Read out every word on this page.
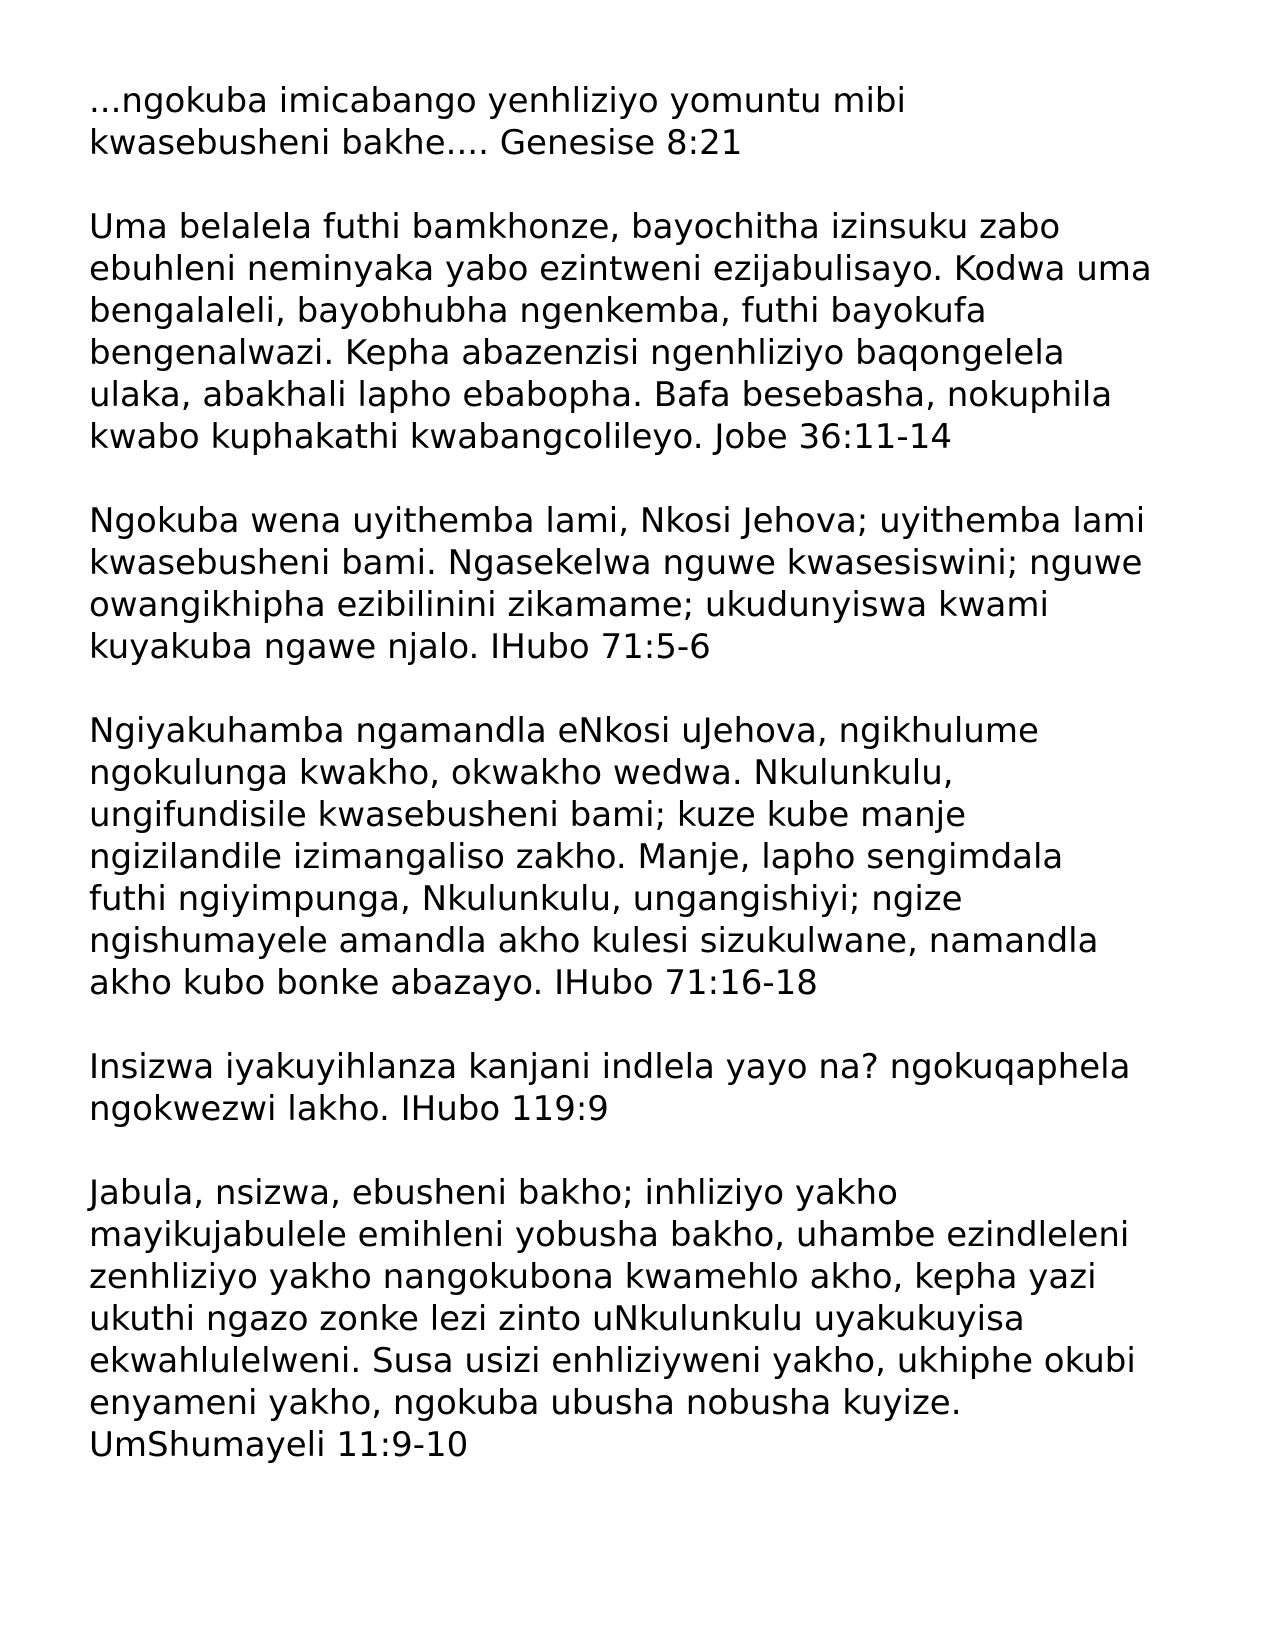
...ngokuba imicabango yenhliziyo yomuntu mibi
kwasebusheni bakhe.... Genesise 8:21
Uma belalela futhi bamkhonze, bayochitha izinsuku zabo
ebuhleni neminyaka yabo ezintweni ezijabulisayo. Kodwa uma
bengalaleli, bayobhubha ngenkemba, futhi bayokufa
bengenalwazi. Kepha abazenzisi ngenhliziyo baqongelela
ulaka, abakhali lapho ebabopha. Bafa besebasha, nokuphila
kwabo kuphakathi kwabangcolileyo. Jobe 36:11-14
Ngokuba wena uyithemba lami, Nkosi Jehova; uyithemba lami
kwasebusheni bami. Ngasekelwa nguwe kwasesiswini; nguwe
owangikhipha ezibilinini zikamame; ukudunyiswa kwami
kuyakuba ngawe njalo. IHubo 71:5-6
Ngiyakuhamba ngamandla eNkosi uJehova, ngikhulume
ngokulunga kwakho, okwakho wedwa. Nkulunkulu,
ungifundisile kwasebusheni bami; kuze kube manje
ngizilandile izimangaliso zakho. Manje, lapho sengimdala
futhi ngiyimpunga, Nkulunkulu, ungangishiyi; ngize
ngishumayele amandla akho kulesi sizukulwane, namandla
akho kubo bonke abazayo. IHubo 71:16-18
Insizwa iyakuyihlanza kanjani indlela yayo na? ngokuqaphela
ngokwezwi lakho. IHubo 119:9
Jabula, nsizwa, ebusheni bakho; inhliziyo yakho
mayikujabulele emihleni yobusha bakho, uhambe ezindleleni
zenhliziyo yakho nangokubona kwamehlo akho, kepha yazi
ukuthi ngazo zonke lezi zinto uNkulunkulu uyakukuyisa
ekwahlulelweni. Susa usizi enhliziyweni yakho, ukhiphe okubi
enyameni yakho, ngokuba ubusha nobusha kuyize.
UmShumayeli 11:9-10
